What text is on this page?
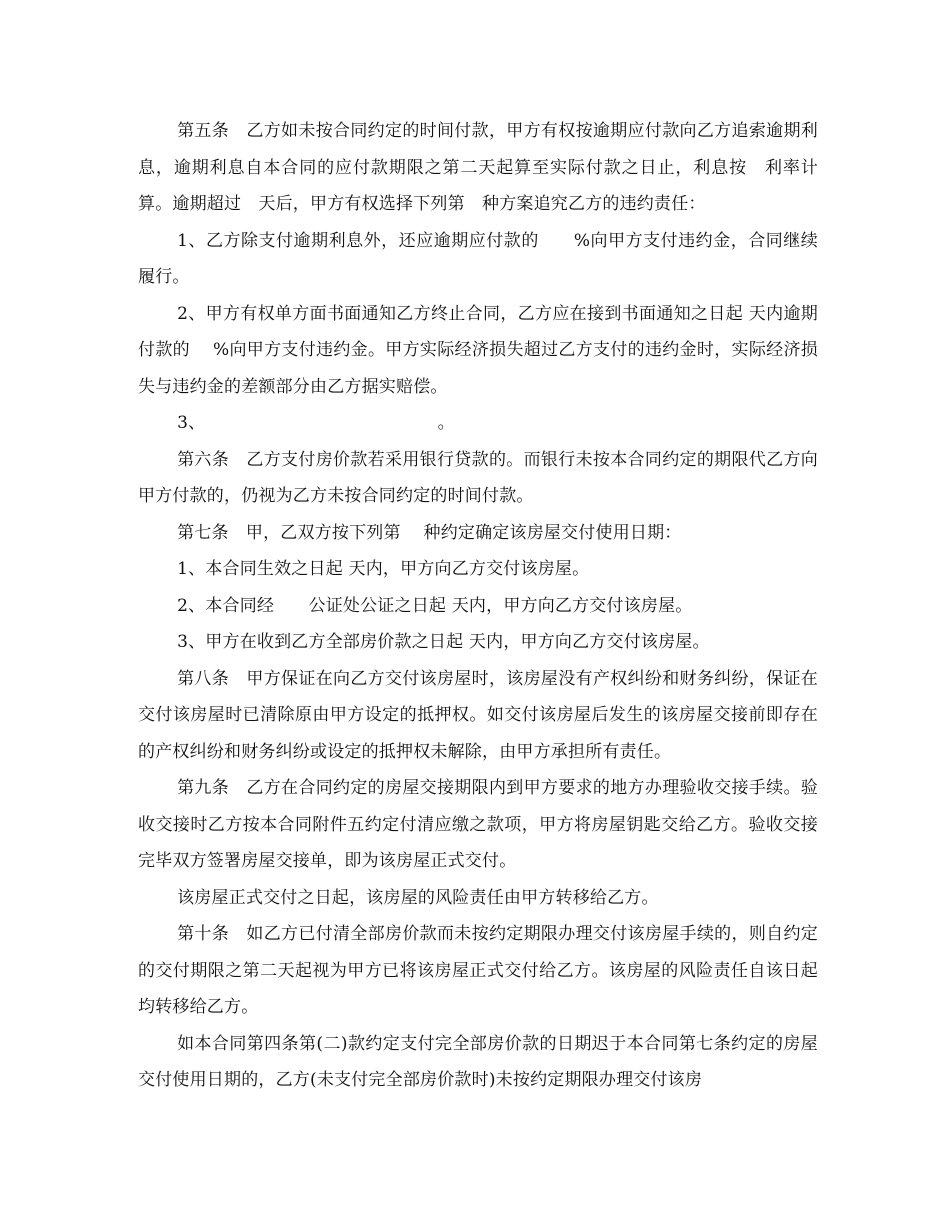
第五条　乙方如未按合同约定的时间付款，甲方有权按逾期应付款向乙方追索逾期利息，逾期利息自本合同的应付款期限之第二天起算至实际付款之日止，利息按　利率计算。逾期超过　天后，甲方有权选择下列第　种方案追究乙方的违约责任：

1、乙方除支付逾期利息外，还应逾期应付款的　　%向甲方支付违约金，合同继续履行。

2、甲方有权单方面书面通知乙方终止合同，乙方应在接到书面通知之日起 天内逾期付款的　 %向甲方支付违约金。甲方实际经济损失超过乙方支付的违约金时，实际经济损失与违约金的差额部分由乙方据实赔偿。

3、　　　　　　　　　　　　　　。

第六条　乙方支付房价款若采用银行贷款的。而银行未按本合同约定的期限代乙方向甲方付款的，仍视为乙方未按合同约定的时间付款。

第七条　甲，乙双方按下列第　 种约定确定该房屋交付使用日期：

1、本合同生效之日起 天内，甲方向乙方交付该房屋。

2、本合同经　　公证处公证之日起 天内，甲方向乙方交付该房屋。

3、甲方在收到乙方全部房价款之日起 天内，甲方向乙方交付该房屋。

第八条　甲方保证在向乙方交付该房屋时，该房屋没有产权纠纷和财务纠纷，保证在交付该房屋时已清除原由甲方设定的抵押权。如交付该房屋后发生的该房屋交接前即存在的产权纠纷和财务纠纷或设定的抵押权未解除，由甲方承担所有责任。

第九条　乙方在合同约定的房屋交接期限内到甲方要求的地方办理验收交接手续。验收交接时乙方按本合同附件五约定付清应缴之款项，甲方将房屋钥匙交给乙方。验收交接完毕双方签署房屋交接单，即为该房屋正式交付。

该房屋正式交付之日起，该房屋的风险责任由甲方转移给乙方。

第十条　如乙方已付清全部房价款而未按约定期限办理交付该房屋手续的，则自约定的交付期限之第二天起视为甲方已将该房屋正式交付给乙方。该房屋的风险责任自该日起均转移给乙方。

如本合同第四条第(二)款约定支付完全部房价款的日期迟于本合同第七条约定的房屋交付使用日期的，乙方(未支付完全部房价款时)未按约定期限办理交付该房
